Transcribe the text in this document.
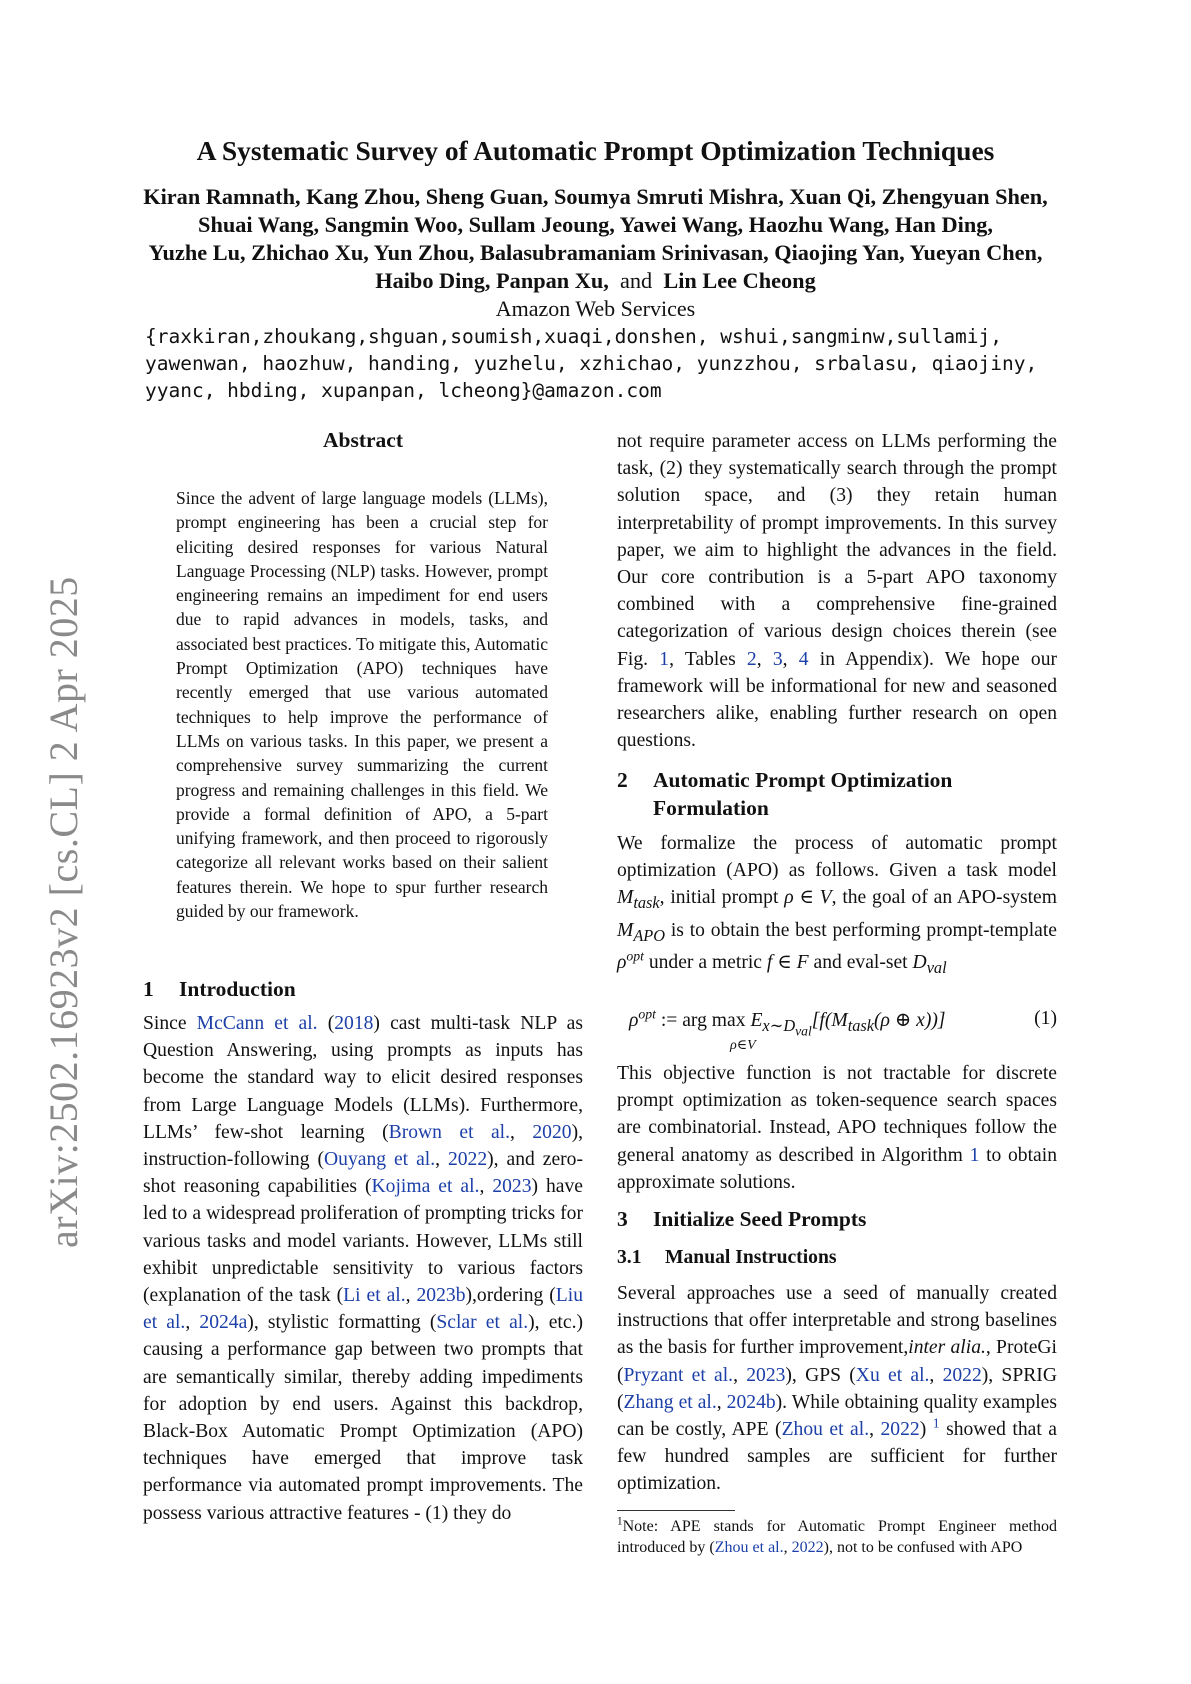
arXiv:2502.16923v2 [cs.CL] 2 Apr 2025
A Systematic Survey of Automatic Prompt Optimization Techniques
Kiran Ramnath, Kang Zhou, Sheng Guan, Soumya Smruti Mishra, Xuan Qi, Zhengyuan Shen,
Shuai Wang, Sangmin Woo, Sullam Jeoung, Yawei Wang, Haozhu Wang, Han Ding,
Yuzhe Lu, Zhichao Xu, Yun Zhou, Balasubramaniam Srinivasan, Qiaojing Yan, Yueyan Chen,
Haibo Ding, Panpan Xu, and Lin Lee Cheong
Amazon Web Services
{raxkiran,zhoukang,shguan,soumish,xuaqi,donshen, wshui,sangminw,sullamij,
yawenwan, haozhuw, handing, yuzhelu, xzhichao, yunzzhou, srbalasu, qiaojiny,
yyanc, hbding, xupanpan, lcheong}@amazon.com
Abstract
Since the advent of large language models (LLMs), prompt engineering has been a crucial step for eliciting desired responses for various Natural Language Processing (NLP) tasks. However, prompt engineering remains an impediment for end users due to rapid advances in models, tasks, and associated best practices. To mitigate this, Automatic Prompt Optimization (APO) techniques have recently emerged that use various automated techniques to help improve the performance of LLMs on various tasks. In this paper, we present a comprehensive survey summarizing the current progress and remaining challenges in this field. We provide a formal definition of APO, a 5-part unifying framework, and then proceed to rigorously categorize all relevant works based on their salient features therein. We hope to spur further research guided by our framework.
1 Introduction

Since McCann et al. (2018) cast multi-task NLP as Question Answering, using prompts as inputs has become the standard way to elicit desired responses from Large Language Models (LLMs). Furthermore, LLMs’ few-shot learning (Brown et al., 2020), instruction-following (Ouyang et al., 2022), and zero-shot reasoning capabilities (Kojima et al., 2023) have led to a widespread proliferation of prompting tricks for various tasks and model variants. However, LLMs still exhibit unpredictable sensitivity to various factors (explanation of the task (Li et al., 2023b),ordering (Liu et al., 2024a), stylistic formatting (Sclar et al.), etc.) causing a performance gap between two prompts that are semantically similar, thereby adding impediments for adoption by end users. Against this backdrop, Black-Box Automatic Prompt Optimization (APO) techniques have emerged that improve task performance via automated prompt improvements. The possess various attractive features - (1) they do

not require parameter access on LLMs performing the task, (2) they systematically search through the prompt solution space, and (3) they retain human interpretability of prompt improvements. In this survey paper, we aim to highlight the advances in the field. Our core contribution is a 5-part APO taxonomy combined with a comprehensive fine-grained categorization of various design choices therein (see Fig. 1, Tables 2, 3, 4 in Appendix). We hope our framework will be informational for new and seasoned researchers alike, enabling further research on open questions.

2 Automatic Prompt Optimization
Formulation

We formalize the process of automatic prompt optimization (APO) as follows. Given a task model $M_{task}$, initial prompt ρ ∈ V, the goal of an APO-system $M_{APO}$ is to obtain the best performing prompt-template $\rho^{opt}$ under a metric f ∈ F and eval-set $D_{val}$

$\rho^{opt}$ := arg $\max E_{x\sim D_{val}}[f(M_{task}(\rho$ ⊕ x))]
ρ∈V
(1)

This objective function is not tractable for discrete prompt optimization as token-sequence search spaces are combinatorial. Instead, APO techniques follow the general anatomy as described in Algorithm 1 to obtain approximate solutions.

3 Initialize Seed Prompts
3.1 Manual Instructions

Several approaches use a seed of manually created instructions that offer interpretable and strong baselines as the basis for further improvement,inter alia., ProteGi (Pryzant et al., 2023), GPS (Xu et al., 2022), SPRIG (Zhang et al., 2024b). While obtaining quality examples can be costly, APE (Zhou et al., 2022) $^1$ showed that a few hundred samples are sufficient for further optimization.

$^1$Note: APE stands for Automatic Prompt Engineer method introduced by (Zhou et al., 2022), not to be confused with APO
